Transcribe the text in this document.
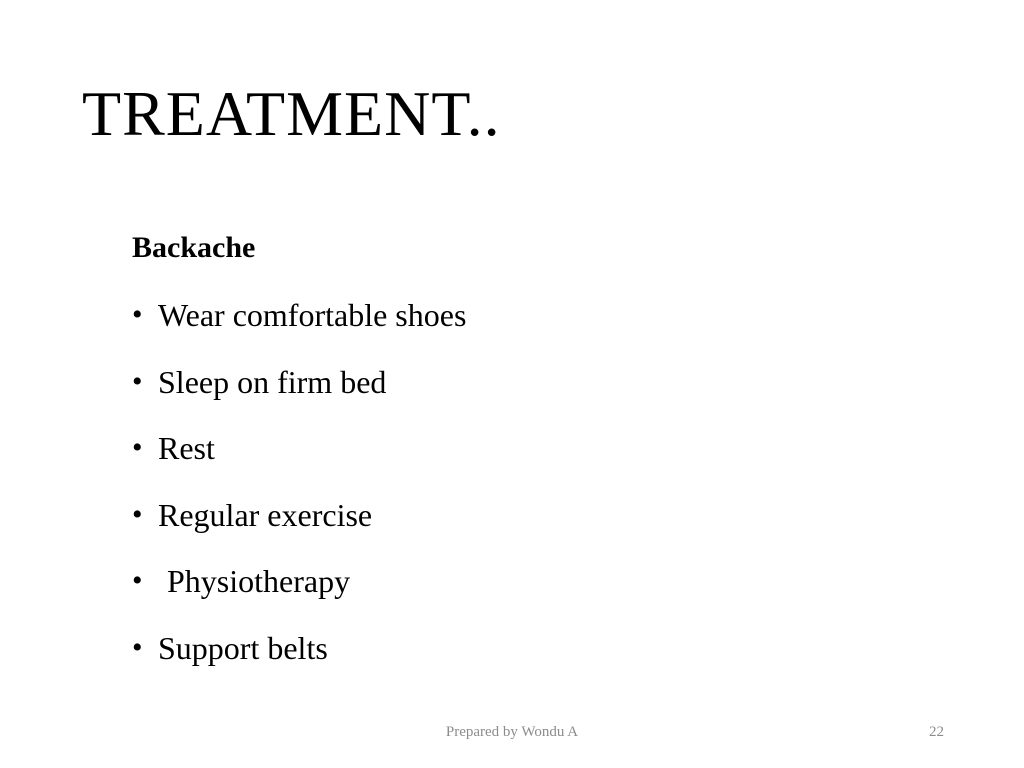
TREATMENT..
Backache
• Wear comfortable shoes
• Sleep on firm bed
• Rest
• Regular exercise
• Physiotherapy
• Support belts
Prepared by Wondu A	22
